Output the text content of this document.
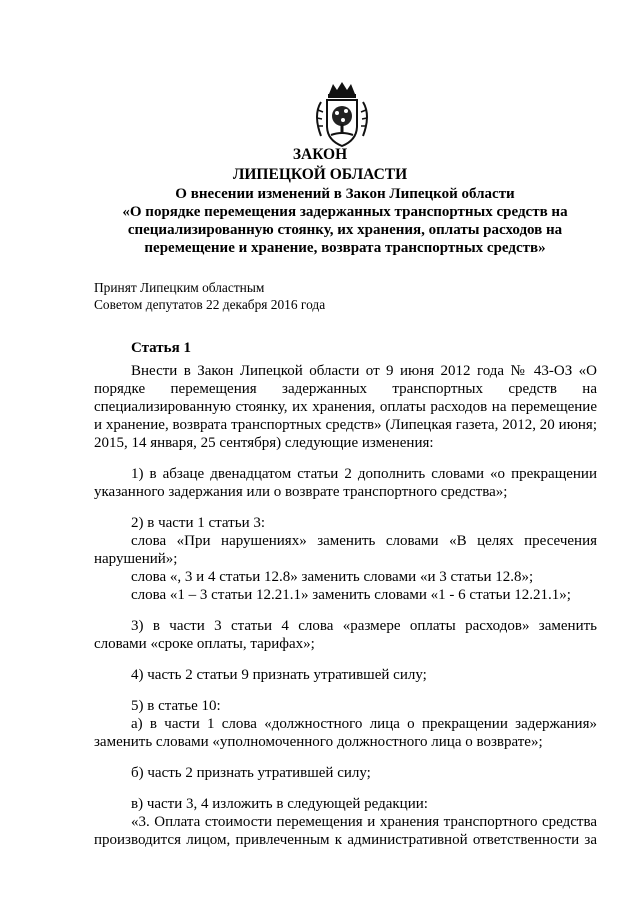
ЗАКОН
ЛИПЕЦКОЙ ОБЛАСТИ
О внесении изменений в Закон Липецкой области
«О порядке перемещения задержанных транспортных средств на
специализированную стоянку, их хранения, оплаты расходов на
перемещение и хранение, возврата транспортных средств»
Принят Липецким областным
Советом депутатов 22 декабря 2016 года
Статья 1
Внести в Закон Липецкой области от 9 июня 2012 года № 43-ОЗ «О порядке перемещения задержанных транспортных средств на специализированную стоянку, их хранения, оплаты расходов на перемещение и хранение, возврата транспортных средств» (Липецкая газета, 2012, 20 июня; 2015, 14 января, 25 сентября) следующие изменения:
1) в абзаце двенадцатом статьи 2 дополнить словами «о прекращении указанного задержания или о возврате транспортного средства»;
2) в части 1 статьи 3:
слова «При нарушениях» заменить словами «В целях пресечения нарушений»;
слова «, 3 и 4 статьи 12.8» заменить словами «и 3 статьи 12.8»;
слова «1 – 3 статьи 12.21.1» заменить словами «1 - 6 статьи 12.21.1»;
3) в части 3 статьи 4 слова «размере оплаты расходов» заменить словами «сроке оплаты, тарифах»;
4) часть 2 статьи 9 признать утратившей силу;
5) в статье 10:
а) в части 1 слова «должностного лица о прекращении задержания» заменить словами «уполномоченного должностного лица о возврате»;
б) часть 2 признать утратившей силу;
в) части 3, 4 изложить в следующей редакции:
«3. Оплата стоимости перемещения и хранения транспортного средства производится лицом, привлеченным к административной ответственности за
